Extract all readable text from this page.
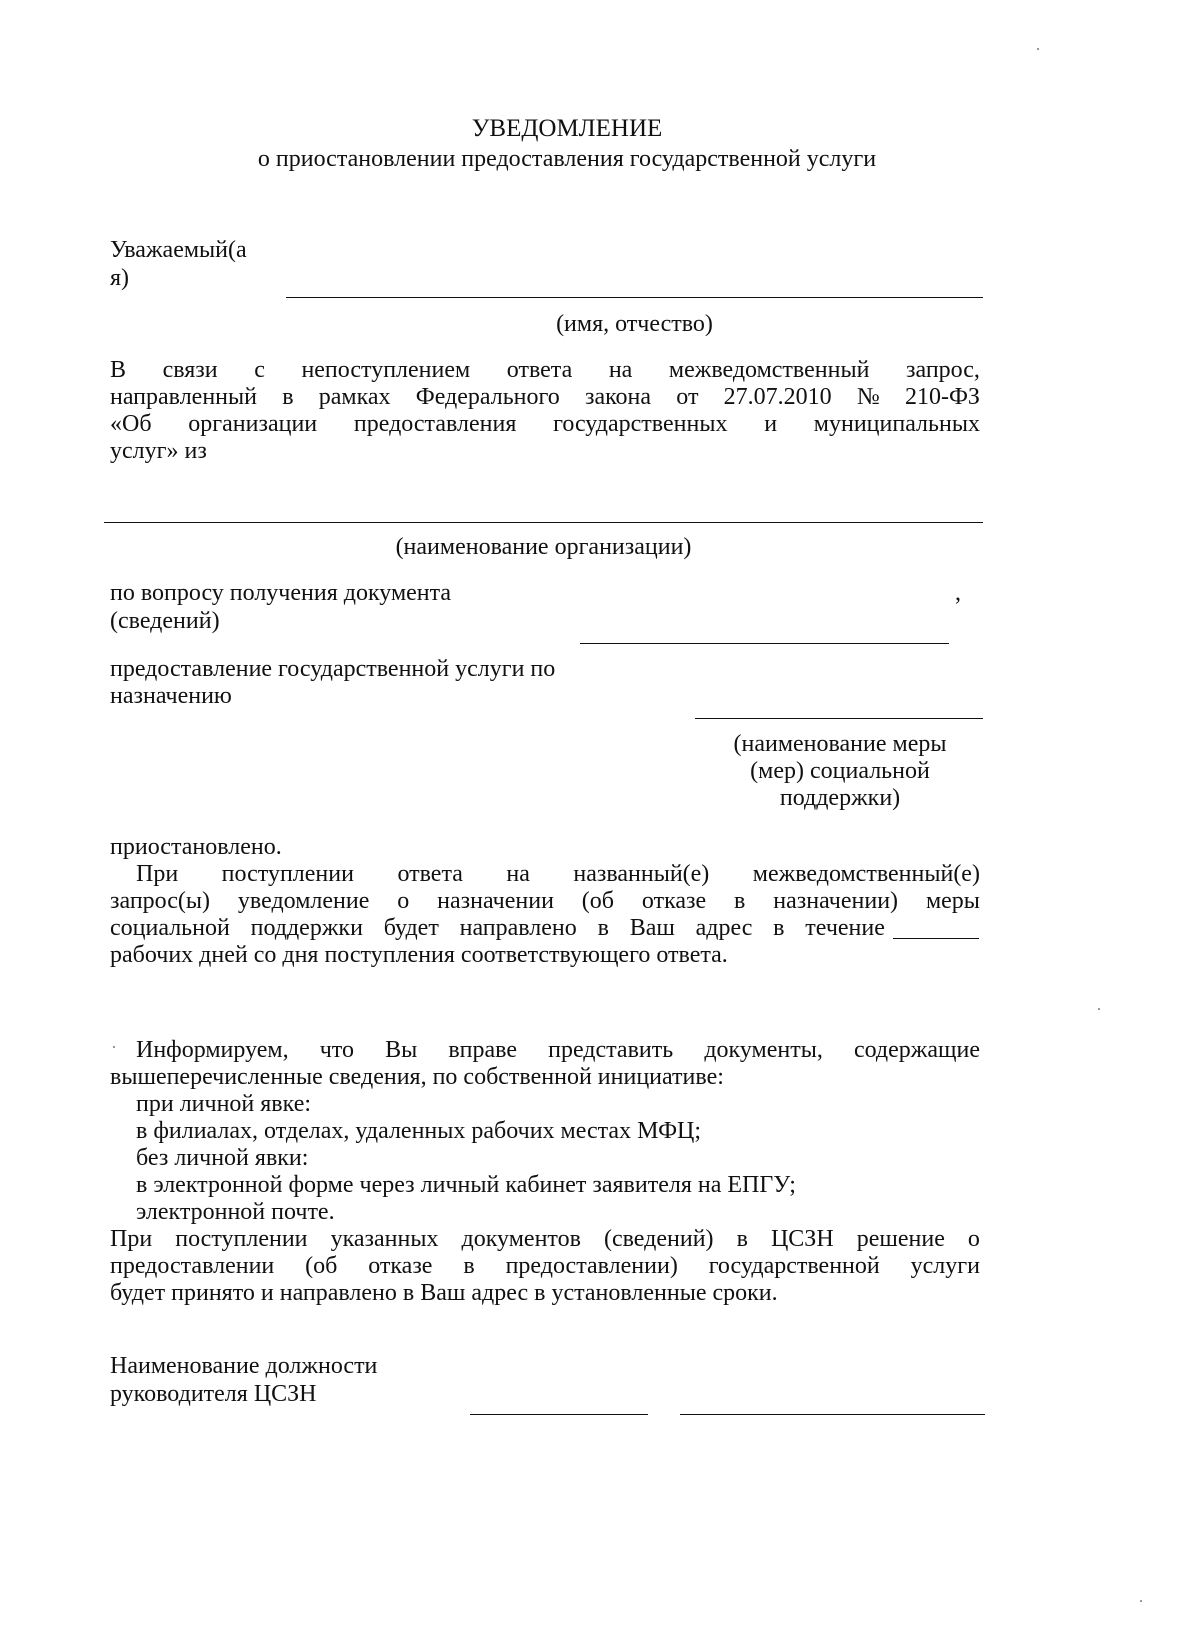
УВЕДОМЛЕНИЕ
о приостановлении предоставления государственной услуги
Уважаемый(а
я)
(имя, отчество)
В связи с непоступлением ответа на межведомственный запрос,
направленный в рамках Федерального закона от 27.07.2010 № 210-ФЗ
«Об организации предоставления государственных и муниципальных
услуг» из
(наименование организации)
по вопросу получения документа
(сведений)
,
предоставление государственной услуги по
назначению
(наименование меры
(мер) социальной
поддержки)
приостановлено.
При поступлении ответа на названный(е) межведомственный(е)
запрос(ы) уведомление о назначении (об отказе в назначении) меры
социальной поддержки будет направлено в Ваш адрес в течение
рабочих дней со дня поступления соответствующего ответа.
Информируем, что Вы вправе представить документы, содержащие
вышеперечисленные сведения, по собственной инициативе:
при личной явке:
в филиалах, отделах, удаленных рабочих местах МФЦ;
без личной явки:
в электронной форме через личный кабинет заявителя на ЕПГУ;
электронной почте.
При поступлении указанных документов (сведений) в ЦСЗН решение о
предоставлении (об отказе в предоставлении) государственной услуги
будет принято и направлено в Ваш адрес в установленные сроки.
Наименование должности
руководителя ЦСЗН
